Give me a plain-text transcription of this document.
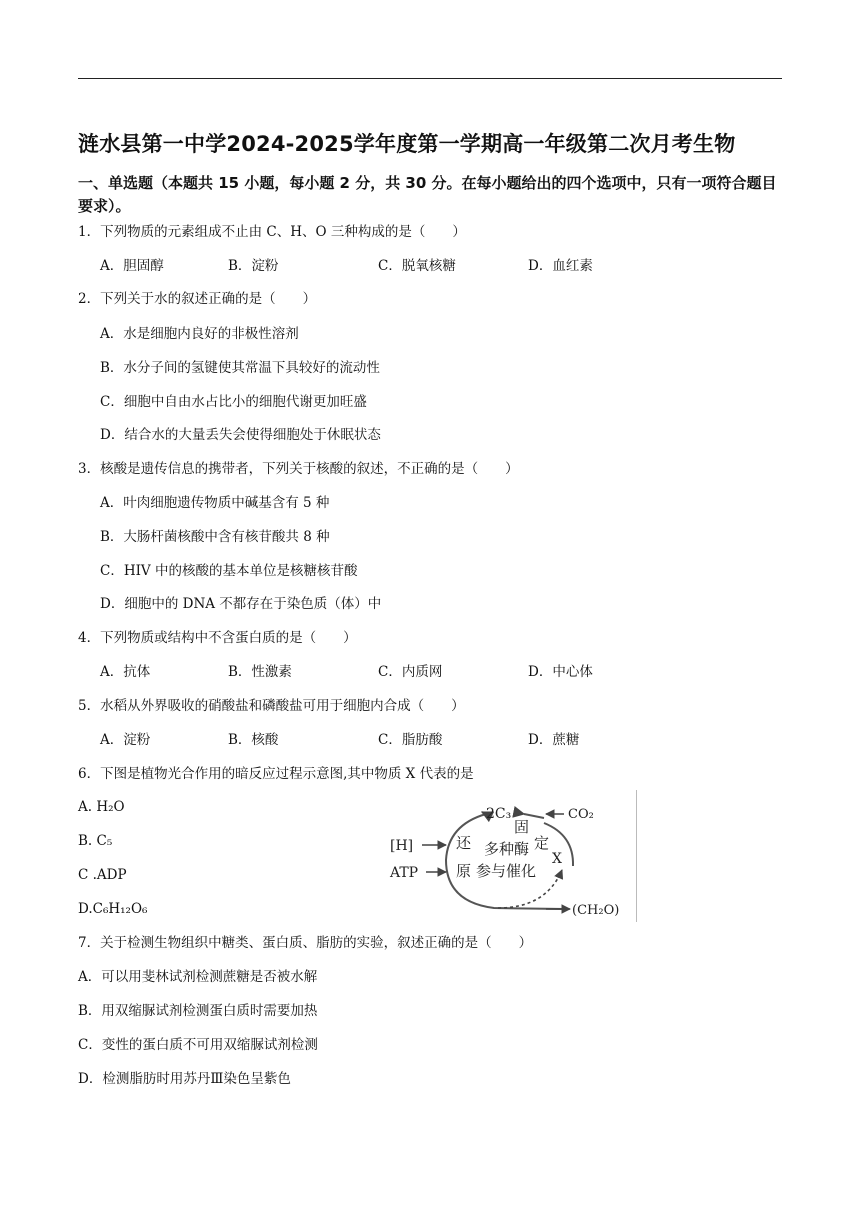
涟水县第一中学2024-2025学年度第一学期高一年级第二次月考生物
一、单选题（本题共 15 小题，每小题 2 分，共 30 分。在每小题给出的四个选项中，只有一项符合题目要求）。
1．下列物质的元素组成不止由 C、H、O 三种构成的是（　　）
A．胆固醇	B．淀粉	C．脱氧核糖	D．血红素
2．下列关于水的叙述正确的是（　　）
A．水是细胞内良好的非极性溶剂
B．水分子间的氢键使其常温下具较好的流动性
C．细胞中自由水占比小的细胞代谢更加旺盛
D．结合水的大量丢失会使得细胞处于休眠状态
3．核酸是遗传信息的携带者，下列关于核酸的叙述，不正确的是（　　）
A．叶肉细胞遗传物质中碱基含有 5 种
B．大肠杆菌核酸中含有核苷酸共 8 种
C．HIV 中的核酸的基本单位是核糖核苷酸
D．细胞中的 DNA 不都存在于染色质（体）中
4．下列物质或结构中不含蛋白质的是（　　）
A．抗体	B．性激素	C．内质网	D．中心体
5．水稻从外界吸收的硝酸盐和磷酸盐可用于细胞内合成（　　）
A．淀粉	B．核酸	C．脂肪酸	D．蔗糖
6．下图是植物光合作用的暗反应过程示意图,其中物质 X 代表的是
A. H₂O
B. C₅
C .ADP
D.C₆H₁₂O₆
2C₃	CO₂
[H]
ATP
还
原
固
定
多种酶
参与催化
X
(CH₂O)
7．关于检测生物组织中糖类、蛋白质、脂肪的实验，叙述正确的是（　　）
A．可以用斐林试剂检测蔗糖是否被水解
B．用双缩脲试剂检测蛋白质时需要加热
C．变性的蛋白质不可用双缩脲试剂检测
D．检测脂肪时用苏丹Ⅲ染色呈紫色
